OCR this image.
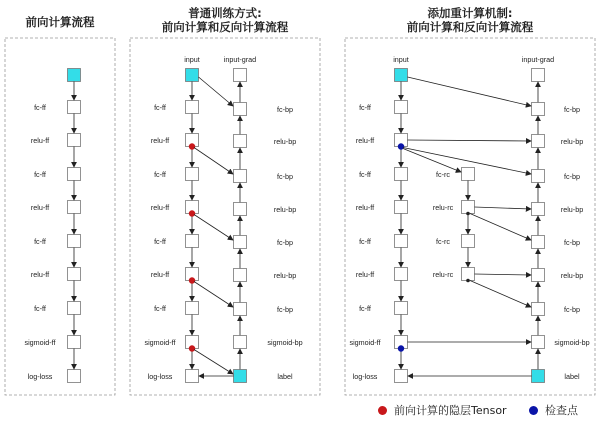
前向计算流程
普通训练方式:
前向计算和反向计算流程
添加重计算机制:
前向计算和反向计算流程
fc-ff
relu-ff
fc-ff
relu-ff
fc-ff
relu-ff
fc-ff
sigmoid-ff
log-loss
fc-ff
relu-ff
fc-ff
relu-ff
fc-ff
relu-ff
fc-ff
sigmoid-ff
log-loss
input	input-grad
fc-bp
relu-bp
fc-bp
relu-bp
fc-bp
relu-bp
fc-bp
sigmoid-bp
label
fc-ff
relu-ff
fc-ff
relu-ff
fc-ff
relu-ff
fc-ff
sigmoid-ff
log-loss
input	input-grad
fc-bp
relu-bp
fc-bp
relu-bp
fc-bp
relu-bp
fc-bp
sigmoid-bp
label
fc-rc
relu-rc
fc-rc
relu-rc
前向计算的隐层Tensor	检查点
